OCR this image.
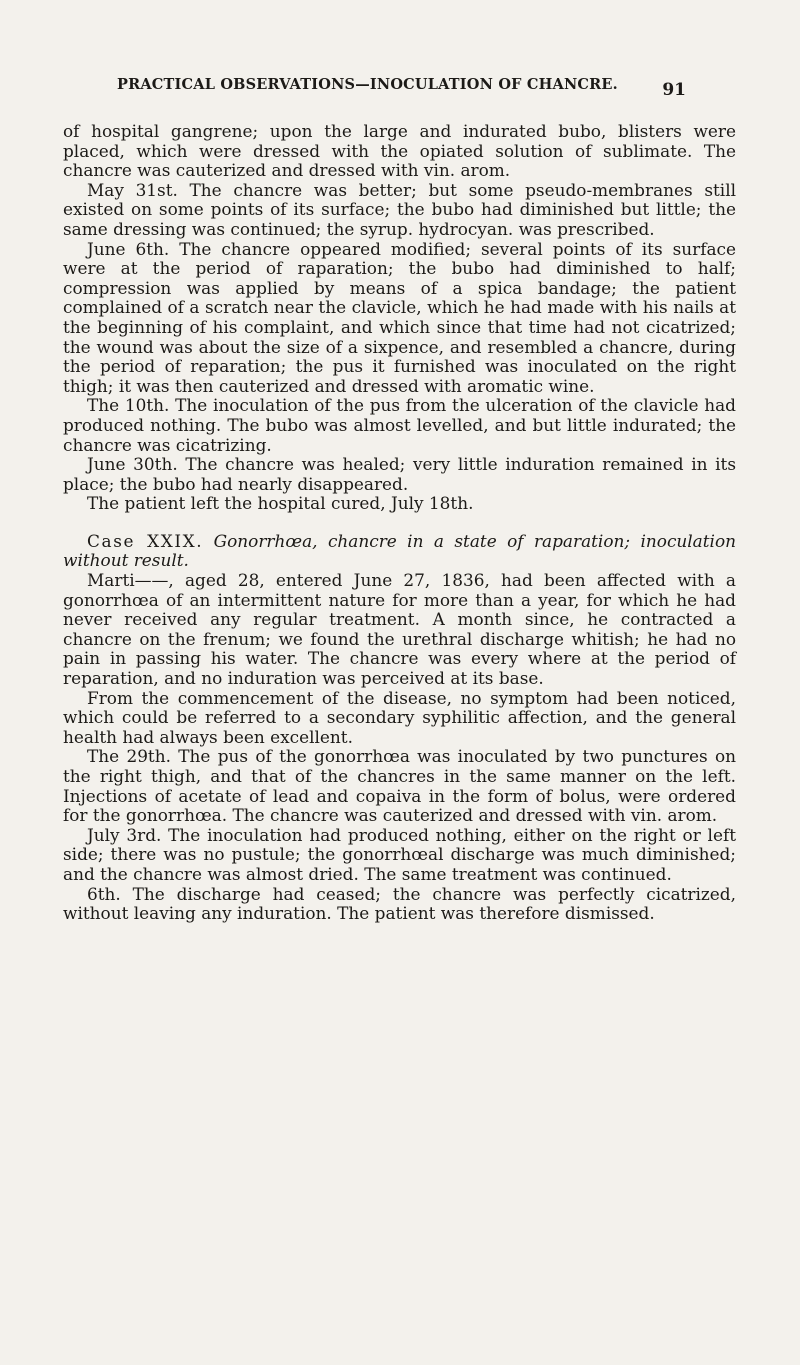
PRACTICAL OBSERVATIONS—INOCULATION OF CHANCRE.	91

of hospital gangrene; upon the large and indurated bubo, blisters were placed, which were dressed with the opiated solution of sublimate. The chancre was cauterized and dressed with vin. arom.

May 31st. The chancre was better; but some pseudo-membranes still existed on some points of its surface; the bubo had diminished but little; the same dressing was continued; the syrup. hydrocyan. was prescribed.

June 6th. The chancre oppeared modified; several points of its surface were at the period of raparation; the bubo had diminished to half; compression was applied by means of a spica bandage; the patient complained of a scratch near the clavicle, which he had made with his nails at the beginning of his complaint, and which since that time had not cicatrized; the wound was about the size of a sixpence, and resembled a chancre, during the period of reparation; the pus it furnished was inoculated on the right thigh; it was then cauterized and dressed with aromatic wine.

The 10th. The inoculation of the pus from the ulceration of the clavicle had produced nothing. The bubo was almost levelled, and but little indurated; the chancre was cicatrizing.

June 30th. The chancre was healed; very little induration remained in its place; the bubo had nearly disappeared.

The patient left the hospital cured, July 18th.

Case XXIX. Gonorrhœa, chancre in a state of raparation; inoculation without result.

Marti——, aged 28, entered June 27, 1836, had been affected with a gonorrhœa of an intermittent nature for more than a year, for which he had never received any regular treatment. A month since, he contracted a chancre on the frenum; we found the urethral discharge whitish; he had no pain in passing his water. The chancre was every where at the period of reparation, and no induration was perceived at its base.

From the commencement of the disease, no symptom had been noticed, which could be referred to a secondary syphilitic affection, and the general health had always been excellent.

The 29th. The pus of the gonorrhœa was inoculated by two punctures on the right thigh, and that of the chancres in the same manner on the left. Injections of acetate of lead and copaiva in the form of bolus, were ordered for the gonorrhœa. The chancre was cauterized and dressed with vin. arom.

July 3rd. The inoculation had produced nothing, either on the right or left side; there was no pustule; the gonorrhœal discharge was much diminished; and the chancre was almost dried. The same treatment was continued.

6th. The discharge had ceased; the chancre was perfectly cicatrized, without leaving any induration. The patient was therefore dismissed.
